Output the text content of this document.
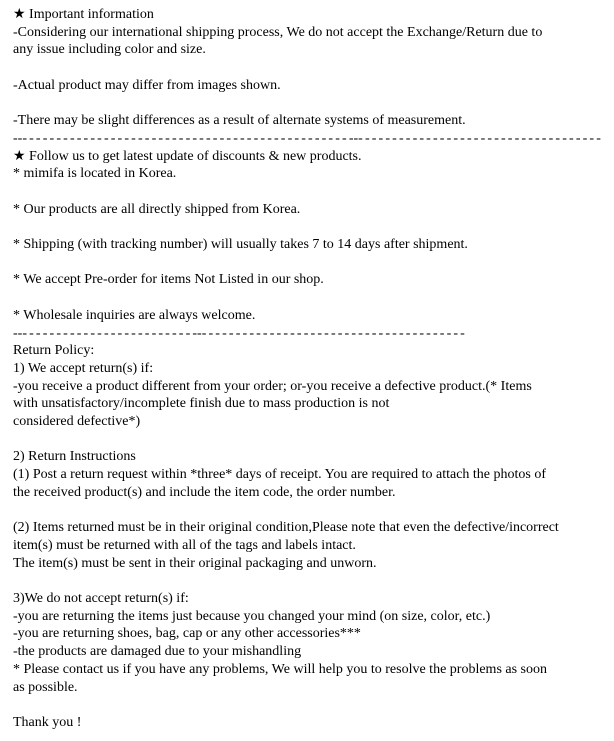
★ Important information
-Considering our international shipping process, We do not accept the Exchange/Return due to
any issue including color and size.
-Actual product may differ from images shown.
-There may be slight differences as a result of alternate systems of measurement.
--- - - - - - - - - - - - - - - - - - - - - - - - - - - - - - - - - - - - - - - - - - - - - - - - --- - - - - - - - - - - - - - - - - - - - - - - - - - - - - - - - - - - -
★ Follow us to get latest update of discounts & new products.
* mimifa is located in Korea.
* Our products are all directly shipped from Korea.
* Shipping (with tracking number) will usually takes 7 to 14 days after shipment.
* We accept Pre-order for items Not Listed in our shop.
* Wholesale inquiries are always welcome.
--- - - - - - - - - - - - - - - - - - - - - - - - - --- - - - - - - - - - - - - - - - - - - - - - - - - - - - - - - - - - - - - - -
Return Policy:
1) We accept return(s) if:
-you receive a product different from your order; or-you receive a defective product.(* Items
with unsatisfactory/incomplete finish due to mass production is not
considered defective*)
2) Return Instructions
(1) Post a return request within *three* days of receipt. You are required to attach the photos of
the received product(s) and include the item code, the order number.
(2) Items returned must be in their original condition,Please note that even the defective/incorrect
item(s) must be returned with all of the tags and labels intact.
The item(s) must be sent in their original packaging and unworn.
3)We do not accept return(s) if:
-you are returning the items just because you changed your mind (on size, color, etc.)
-you are returning shoes, bag, cap or any other accessories***
-the products are damaged due to your mishandling
* Please contact us if you have any problems, We will help you to resolve the problems as soon
as possible.
Thank you !
